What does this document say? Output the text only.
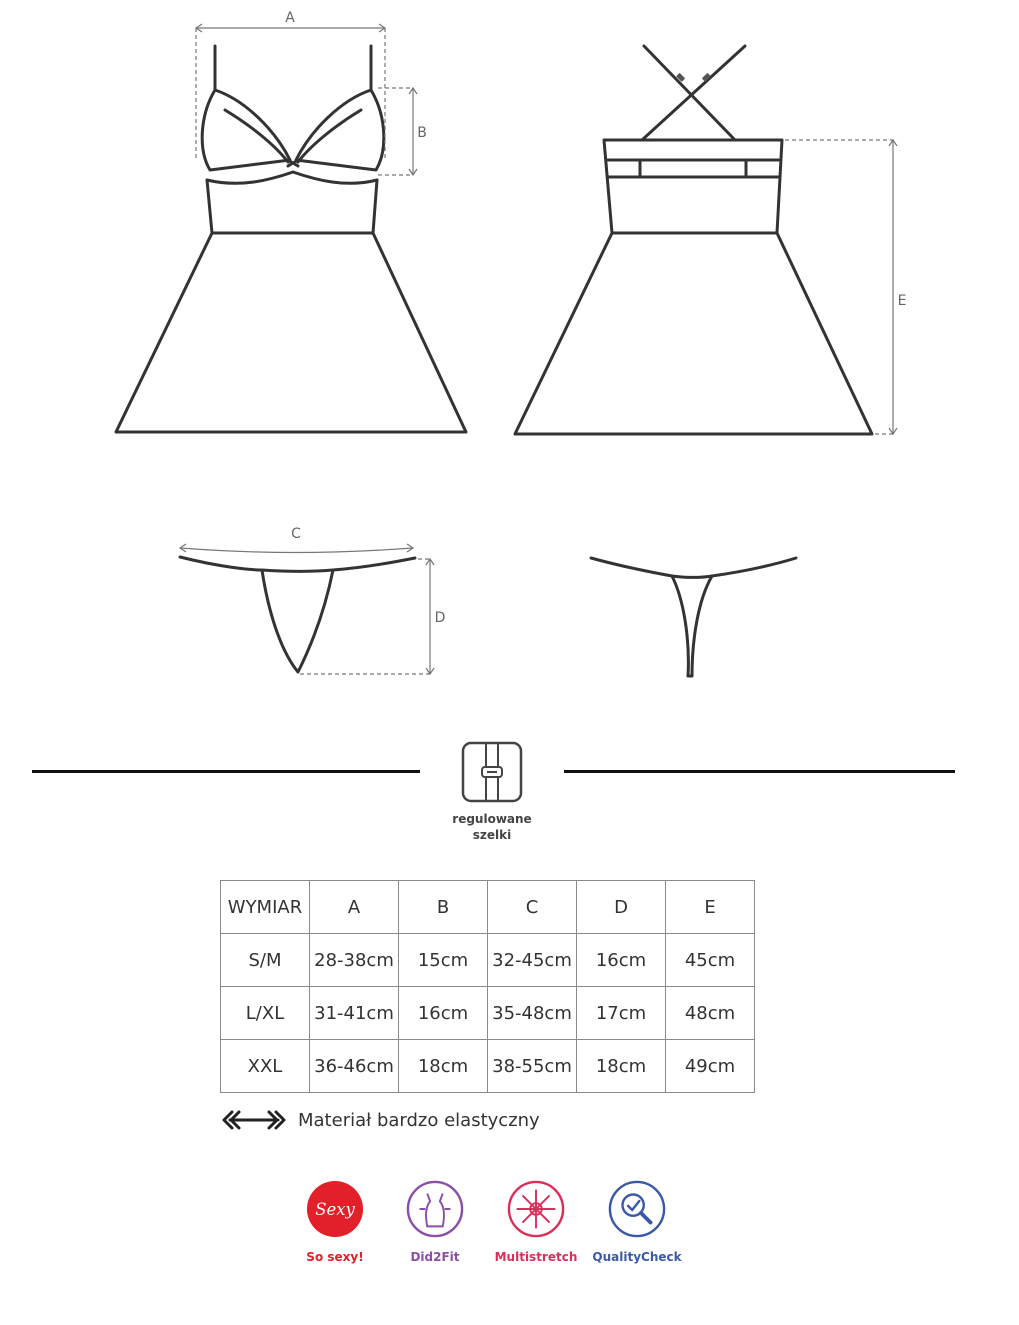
A
B
E
C
D
regulowane
szelki
WYMIAR	A	B	C	D	E
S/M	28-38cm	15cm	32-45cm	16cm	45cm
L/XL	31-41cm	16cm	35-48cm	17cm	48cm
XXL	36-46cm	18cm	38-55cm	18cm	49cm
Materiał bardzo elastyczny
Sexy
So sexy!	Did2Fit	Multistretch	QualityCheck
